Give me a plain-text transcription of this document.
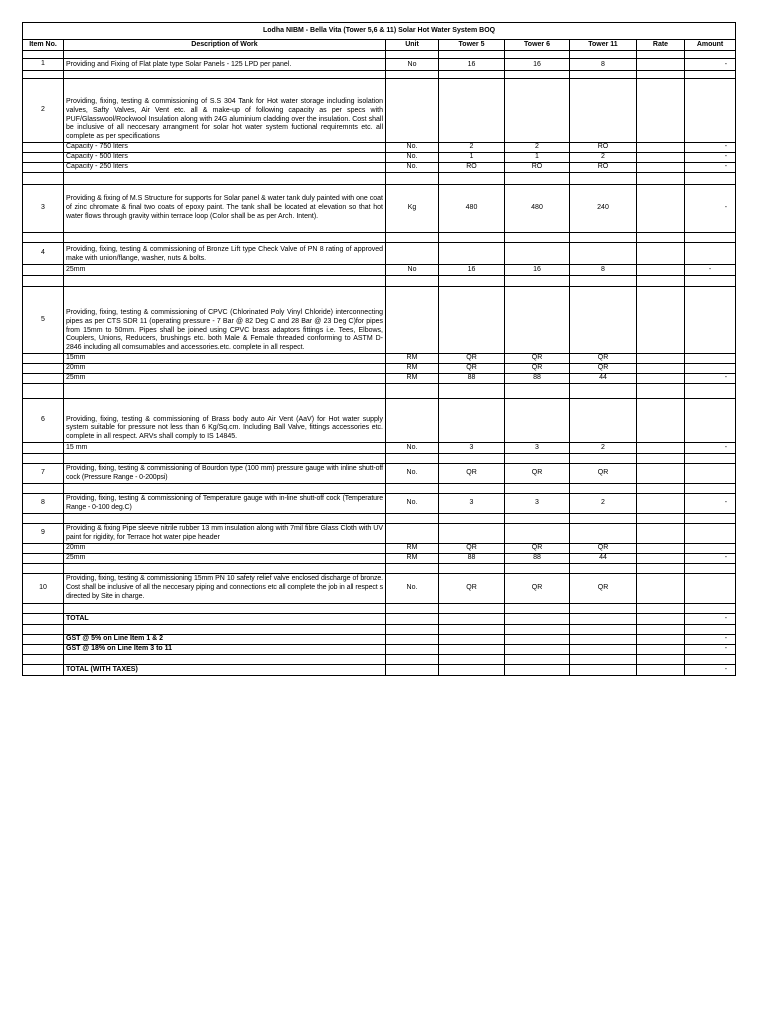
Lodha NIBM - Bella Vita (Tower 5,6 & 11) Solar Hot Water System BOQ							
Item No.	Description of Work	Unit	Tower 5	Tower 6	Tower 11	Rate	Amount

1	Providing and Fixing of Flat plate type Solar Panels - 125 LPD per panel.	No	16	16	8		-

2	Providing, fixing, testing & commissioning of S.S 304 Tank for Hot water storage including isolation valves, Safty Valves, Air Vent etc. all & make-up of following capacity as per specs with PUF/Glasswool/Rockwool Insulation along with 24G aluminium cladding over the insulation. Cost shall be inclusive of all neccesary arrangment for solar hot water system fuctional requiremnts etc. all complete as per specifications						
	Capacity - 750 liters	No.	2	2	RO		-
	Capacity - 500 liters	No.	1	1	2		-
	Capacity - 250 liters	No.	RO	RO	RO		-

3	Providing & fixing of M.S Structure for supports for Solar panel & water tank duly painted with one coat of zinc chromate & final two coats of epoxy paint. The tank shall be located at elevation so that hot water flows through gravity within terrace loop (Color shall be as per Arch. Intent).	Kg	480	480	240		-

4	Providing, fixing, testing & commissioning of Bronze Lift type Check Valve of PN 8 rating of approved make with union/flange, washer, nuts & bolts.						
	25mm	No	16	16	8		-

5	Providing, fixing, testing & commissioning of CPVC (Chlorinated Poly Vinyl Chloride) interconnecting pipes as per CTS SDR 11 (operating pressure - 7 Bar @ 82 Deg C and 28 Bar @ 23 Deg C)for pipes from 15mm to 50mm. Pipes shall be joined using CPVC brass adaptors fittings i.e. Tees, Elbows, Couplers, Unions, Reducers, brushings etc. both Male & Female threaded conforming to ASTM D-2846 including all comsumables and accessories.etc. complete in all respect.						
	15mm	RM	QR	QR	QR		
	20mm	RM	QR	QR	QR		
	25mm	RM	88	88	44		-

6	Providing, fixing, testing & commissioning of Brass body auto Air Vent (AaV) for Hot water supply system suitable for pressure not less than 6 Kg/Sq.cm. Including Ball Valve, fittings accessories etc. complete in all respect. ARVs shall comply to IS 14845.						
	15 mm	No.	3	3	2		-

7	Providing, fixing, testing & commissioning of Bourdon type (100 mm) pressure gauge with inline shutt-off cock (Pressure Range - 0-200psi)	No.	QR	QR	QR		

8	Providing, fixing, testing & commissioning of Temperature gauge with in-line shutt-off cock (Temperature Range - 0-100 deg.C)	No.	3	3	2		-

9	Providing & fixing Pipe sleeve nitrile rubber 13 mm insulation along with 7mil fibre Glass Cloth with UV paint for rigidity, for Terrace hot water pipe header						
	20mm	RM	QR	QR	QR		
	25mm	RM	88	88	44		-

10	Providing, fixing, testing & commissioning 15mm PN 10 safety relief valve enclosed discharge of bronze. Cost shall be inclusive of all the neccesary piping and connections etc all complete the job in all respect s directed by Site in charge.	No.	QR	QR	QR		

	TOTAL						-

	GST @ 5% on Line Item 1 & 2						-
	GST @ 18% on Line Item 3 to 11						-

	TOTAL (WITH TAXES)						-
